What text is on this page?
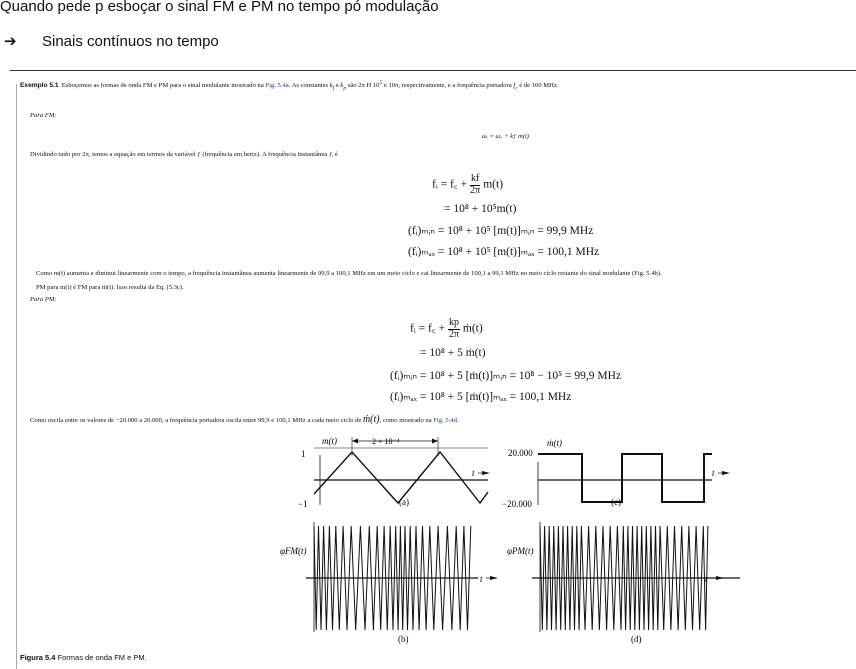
Quando pede p esboçar o sinal FM e PM no tempo pó modulação
➔ Sinais contínuos no tempo
Exemplo 5.1 Esboçemos as formas de onda FM e PM para o sinal modulante mostrado na Fig. 5.4a. As constantes $k_f$ e $k_p$ são 2π H $10^5$ e 10π, respectivamente, e a frequência portadora $f_c$ é de 100 MHz.
Para FM:
ωᵢ = ω꜀ + kƒ m(t)
Dividindo tudo por 2π, temos a equação em termos da variável ƒ (frequência em hertz). A frequência instantânea ƒᵢ é
fᵢ = f꜀ + $\frac{kf}{2\pi} m(t)$
= 10⁸ + 10⁵m(t)
(fᵢ)ₘᵢₙ = 10⁸ + 10⁵ [m(t)]ₘᵢₙ = 99,9 MHz
(fᵢ)ₘₐₓ = 10⁸ + 10⁵ [m(t)]ₘₐₓ = 100,1 MHz
Como m(t) aumenta e diminui linearmente com o tempo, a frequência instantânea aumenta linearmente de 99,9 a 100,1 MHz em um meio ciclo e cai linearmente de 100,1 a 99,1 MHz no meio ciclo restante do sinal modulante (Fig. 5.4b).
PM para m(t) é FM para ṁ(t). Isso resulta da Eq. (5.3c).
Para PM:
fᵢ = f꜀ + $\frac{kp}{2\pi}$ ṁ(t)
= 10⁸ + 5 ṁ(t)
(fᵢ)ₘᵢₙ = 10⁸ + 5 [ṁ(t)]ₘᵢₙ = 10⁸ − 10⁵ = 99,9 MHz
(fᵢ)ₘₐₓ = 10⁸ + 5 [ṁ(t)]ₘₐₓ = 100,1 MHz
Como oscila entre os valores de −20.000 a 20.000, a frequência portadora oscila entre 99,9 e 100,1 MHz a cada meio ciclo de ṁ(t), como mostrado na Fig. 5.4d.
m(t)	2 × 10⁻⁴
1
−1
t
(a)
20.000
−20.000
ṁ(t)
t
(c)
φFM(t)
t
(b)
φPM(t)
t
(d)
Figura 5.4 Formas de onda FM e PM.
